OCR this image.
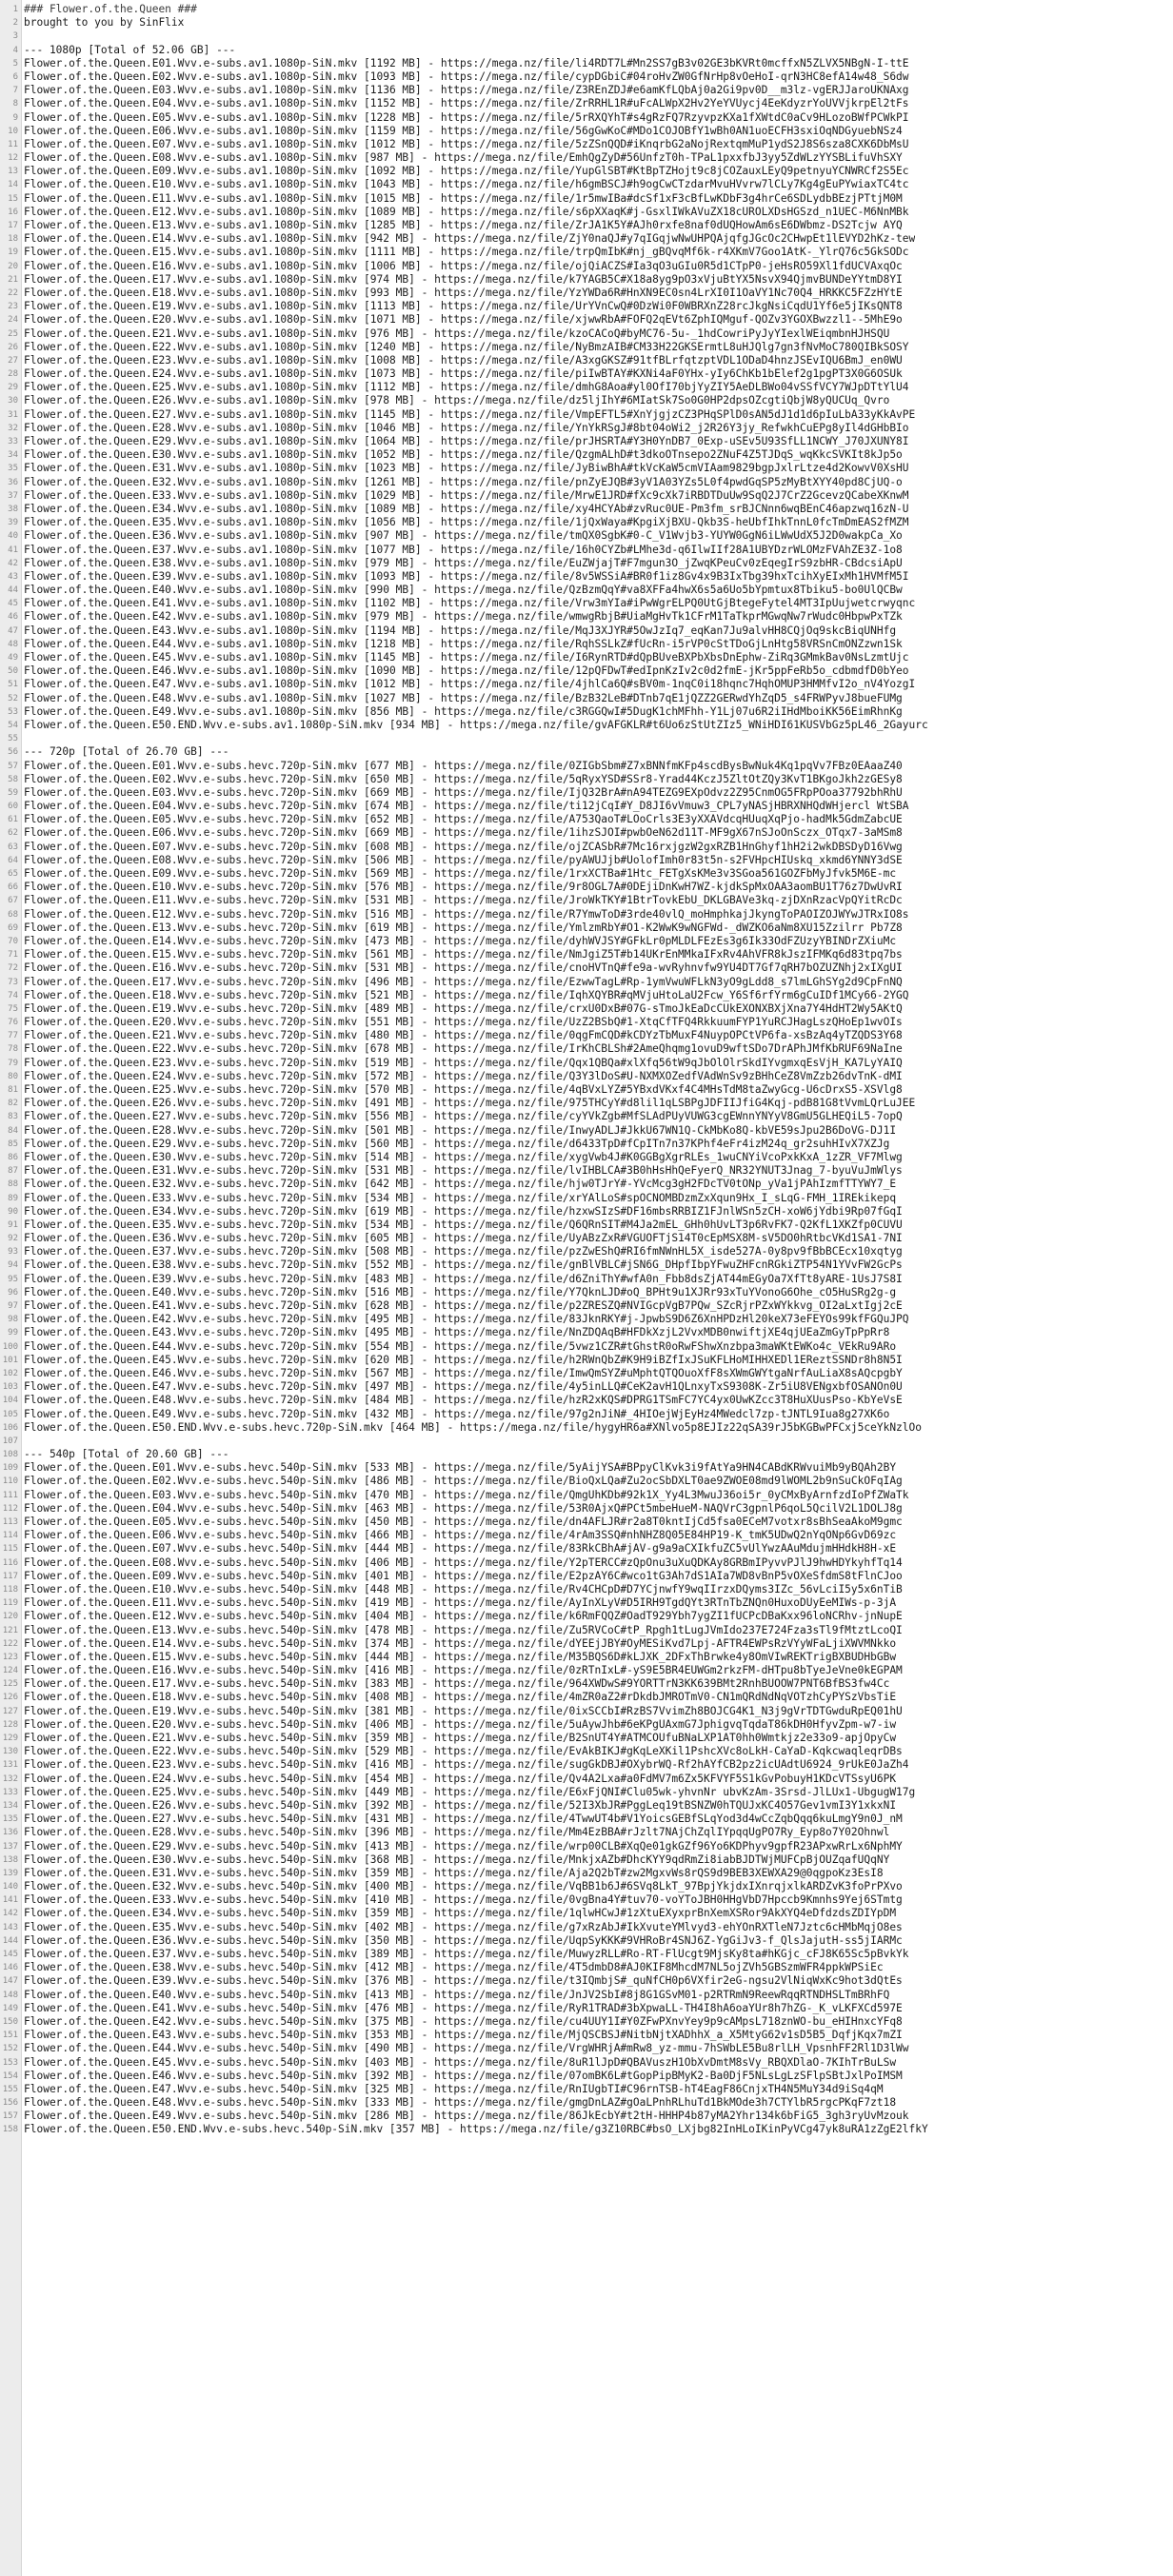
1 ### Flower.of.the.Queen ###
2 brought to you by SinFlix
3
4 --- 1080p [Total of 52.06 GB] ---
5 Flower.of.the.Queen.E01.Wvv.e-subs.av1.1080p-SiN.mkv [1192 MB] - https://mega.nz/file/li4RDT7L#Mn2SS7gB3v02GE3bKVRt0mcffxN5ZLVX5NBgN-I-ttE
6 Flower.of.the.Queen.E02.Wvv.e-subs.av1.1080p-SiN.mkv [1093 MB] - https://mega.nz/file/cypDGbiC#04roHvZW0GfNrHp8vOeHoI-qrN3HC8efA14w48_S6dw
7 Flower.of.the.Queen.E03.Wvv.e-subs.av1.1080p-SiN.mkv [1136 MB] - https://mega.nz/file/Z3REnZDJ#e6amKfLQbAj0a2Gi9pv0D__m3lz-vgERJJaroUKNAxg
8 Flower.of.the.Queen.E04.Wvv.e-subs.av1.1080p-SiN.mkv [1152 MB] - https://mega.nz/file/ZrRRHL1R#uFcALWpX2Hv2YeYVUycj4EeKdyzrYoUVVjkrpEl2tFs
9 Flower.of.the.Queen.E05.Wvv.e-subs.av1.1080p-SiN.mkv [1228 MB] - https://mega.nz/file/5rRXQYhT#s4gRzFQ7RzyvpzKXa1fXWtdC0aCv9HLozoBWfPCWkPI
10 Flower.of.the.Queen.E06.Wvv.e-subs.av1.1080p-SiN.mkv [1159 MB] - https://mega.nz/file/56gGwKoC#MDo1COJOBfY1wBh0AN1uoECFH3sxiOqNDGyuebNSz4
11 Flower.of.the.Queen.E07.Wvv.e-subs.av1.1080p-SiN.mkv [1012 MB] - https://mega.nz/file/5zZSnQQD#iKnqrbG2aNojRextqmMuP1ydS2J8S6sza8CXK6DbMsU
12 Flower.of.the.Queen.E08.Wvv.e-subs.av1.1080p-SiN.mkv [987 MB] - https://mega.nz/file/EmhQgZyD#56UnfzT0h-TPaL1pxxfbJ3yy5ZdWLzYYSBLifuVhSXY
13 Flower.of.the.Queen.E09.Wvv.e-subs.av1.1080p-SiN.mkv [1092 MB] - https://mega.nz/file/YupGlSBT#KtBpTZHojt9c8jCOZauxLEyQ9petnyuYCNWRCf2S5Ec
14 Flower.of.the.Queen.E10.Wvv.e-subs.av1.1080p-SiN.mkv [1043 MB] - https://mega.nz/file/h6gmBSCJ#h9ogCwCTzdarMvuHVvrw7lCLy7Kg4gEuPYwiaxTC4tc
15 Flower.of.the.Queen.E11.Wvv.e-subs.av1.1080p-SiN.mkv [1015 MB] - https://mega.nz/file/1r5mwIBa#dcSf1xF3cBfLwKDbF3g4hrCe6SDLydbBEzjPTtjM0M
16 Flower.of.the.Queen.E12.Wvv.e-subs.av1.1080p-SiN.mkv [1089 MB] - https://mega.nz/file/s6pXXaqK#j-GsxlIWkAVuZX18cUROLXDsHGSzd_n1UEC-M6NnMBk
17 Flower.of.the.Queen.E13.Wvv.e-subs.av1.1080p-SiN.mkv [1285 MB] - https://mega.nz/file/ZrJA1K5Y#AJh0rxfe8naf0dUQHowAm6sE6DWbmz-DS2Tcjw AYQ
18 Flower.of.the.Queen.E14.Wvv.e-subs.av1.1080p-SiN.mkv [942 MB] - https://mega.nz/file/ZjY0naQJ#y7qIGqjwNwUHPQAjqfgJGcOc2CHwpEt1lEVYD2hKz-tew
19 Flower.of.the.Queen.E15.Wvv.e-subs.av1.1080p-SiN.mkv [1111 MB] - https://mega.nz/file/trpQmIbK#nj_gBQvqMf6k-r4XKmV7Goo1AtK-_YlrQ76c5GkSODc
20 Flower.of.the.Queen.E16.Wvv.e-subs.av1.1080p-SiN.mkv [1006 MB] - https://mega.nz/file/ojQiACZS#Ia3qO3uGIu0R5d1CTpP0-jeHsRO59Xl1fdUCVAxqOc
21 Flower.of.the.Queen.E17.Wvv.e-subs.av1.1080p-SiN.mkv [974 MB] - https://mega.nz/file/k7YAGB5C#X18a8yg9pO3xVjuBtYX5NsvX94QjmvBUNDeYYtmD8YI
22 Flower.of.the.Queen.E18.Wvv.e-subs.av1.1080p-SiN.mkv [993 MB] - https://mega.nz/file/YzYWDa6R#HnXN9EC0sn4LrXI0I1OaVY1Nc70Q4_HRKKC5FZzHYtE
23 Flower.of.the.Queen.E19.Wvv.e-subs.av1.1080p-SiN.mkv [1113 MB] - https://mega.nz/file/UrYVnCwQ#0DzWi0F0WBRXnZ28rcJkgNsiCqdU1Yf6e5jIKsQNT8
24 Flower.of.the.Queen.E20.Wvv.e-subs.av1.1080p-SiN.mkv [1071 MB] - https://mega.nz/file/xjwwRbA#FOFQ2qEVt6ZphIQMguf-QOZv3YGOXBwzzl1--5MhE9o
25 Flower.of.the.Queen.E21.Wvv.e-subs.av1.1080p-SiN.mkv [976 MB] - https://mega.nz/file/kzoCACoQ#byMC76-5u-_1hdCowriPyJyYIexlWEiqmbnHJHSQU
26 Flower.of.the.Queen.E22.Wvv.e-subs.av1.1080p-SiN.mkv [1240 MB] - https://mega.nz/file/NyBmzAIB#CM33H22GKSErmtL8uHJQlg7gn3fNvMoC780QIBkSOSY
27 Flower.of.the.Queen.E23.Wvv.e-subs.av1.1080p-SiN.mkv [1008 MB] - https://mega.nz/file/A3xgGKSZ#91tfBLrfqtzptVDL1ODaD4hnzJSEvIQU6BmJ_en0WU
28 Flower.of.the.Queen.E24.Wvv.e-subs.av1.1080p-SiN.mkv [1073 MB] - https://mega.nz/file/piIwBTAY#KXNi4aF0YHx-yIy6ChKb1bElef2g1pgPT3X0G6OSUk
29 Flower.of.the.Queen.E25.Wvv.e-subs.av1.1080p-SiN.mkv [1112 MB] - https://mega.nz/file/dmhG8Aoa#yl0OfI70bjYyZIY5AeDLBWo04vSSfVCY7WJpDTtYlU4
30 Flower.of.the.Queen.E26.Wvv.e-subs.av1.1080p-SiN.mkv [978 MB] - https://mega.nz/file/dz5ljIhY#6MIatSk7So0G0HP2dpsOZcgtiQbjW8yQUCUq_Qvro
31 Flower.of.the.Queen.E27.Wvv.e-subs.av1.1080p-SiN.mkv [1145 MB] - https://mega.nz/file/VmpEFTL5#XnYjgjzCZ3PHqSPlD0sAN5dJ1d1d6pIuLbA33yKkAvPE
32 Flower.of.the.Queen.E28.Wvv.e-subs.av1.1080p-SiN.mkv [1046 MB] - https://mega.nz/file/YnYkRSgJ#8bt04oWi2_j2R26Y3jy_RefwkhCuEPg8yIl4dGHbBIo
33 Flower.of.the.Queen.E29.Wvv.e-subs.av1.1080p-SiN.mkv [1064 MB] - https://mega.nz/file/prJHSRTA#Y3H0YnDB7_0Exp-uSEv5U93SfLL1NCWY_J70JXUNY8I
34 Flower.of.the.Queen.E30.Wvv.e-subs.av1.1080p-SiN.mkv [1052 MB] - https://mega.nz/file/QzgmALhD#t3dkoOTnsepo2ZNuF4Z5TJDqS_wqKkcSVKIt8kJp5o
35 Flower.of.the.Queen.E31.Wvv.e-subs.av1.1080p-SiN.mkv [1023 MB] - https://mega.nz/file/JyBiwBhA#tkVcKaW5cmVIAam9829bgpJxlrLtze4d2KowvV0XsHU
36 Flower.of.the.Queen.E32.Wvv.e-subs.av1.1080p-SiN.mkv [1261 MB] - https://mega.nz/file/pnZyEJQB#3yV1A03YZs5L0f4pwdGqSP5zMyBtXYY40pd8CjUQ-o
37 Flower.of.the.Queen.E33.Wvv.e-subs.av1.1080p-SiN.mkv [1029 MB] - https://mega.nz/file/MrwE1JRD#fXc9cXk7iRBDTDuUw9SqQ2J7CrZ2GcevzQCabeXKnwM
38 Flower.of.the.Queen.E34.Wvv.e-subs.av1.1080p-SiN.mkv [1089 MB] - https://mega.nz/file/xy4HCYAb#zvRuc0UE-Pm3fm_srBJCNnn6wqBEnC46apzwq16zN-U
39 Flower.of.the.Queen.E35.Wvv.e-subs.av1.1080p-SiN.mkv [1056 MB] - https://mega.nz/file/1jQxWaya#KpgiXjBXU-Qkb3S-heUbfIhkTnnL0fcTmDmEAS2fMZM
40 Flower.of.the.Queen.E36.Wvv.e-subs.av1.1080p-SiN.mkv [907 MB] - https://mega.nz/file/tmQX0SgbK#0-C_V1Wvjb3-YUYW0GgN6iLWwUdX5J2D0wakpCa_Xo
41 Flower.of.the.Queen.E37.Wvv.e-subs.av1.1080p-SiN.mkv [1077 MB] - https://mega.nz/file/16h0CYZb#LMhe3d-q6IlwIIf28A1UBYDzrWLOMzFVAhZE3Z-1o8
42 Flower.of.the.Queen.E38.Wvv.e-subs.av1.1080p-SiN.mkv [979 MB] - https://mega.nz/file/EuZWjajT#F7mgun3O_jZwqKPeuCv0zEqegIrS9zbHR-CBdcsiApU
43 Flower.of.the.Queen.E39.Wvv.e-subs.av1.1080p-SiN.mkv [1093 MB] - https://mega.nz/file/8v5WSSiA#BR0f1iz8Gv4x9B3IxTbg39hxTcihXyEIxMh1HVMfM5I
44 Flower.of.the.Queen.E40.Wvv.e-subs.av1.1080p-SiN.mkv [990 MB] - https://mega.nz/file/QzBzmQqY#va8XFFa4hwX6s5a6Uo5bYpmtux8Tbiku5-bo0UlQCBw
45 Flower.of.the.Queen.E41.Wvv.e-subs.av1.1080p-SiN.mkv [1102 MB] - https://mega.nz/file/Vrw3mYIa#iPwWgrELPQ0UtGjBtegeFytel4MT3IpUujwetcrwyqnc
46 Flower.of.the.Queen.E42.Wvv.e-subs.av1.1080p-SiN.mkv [979 MB] - https://mega.nz/file/wmwgRbjB#UiaMgHvTk1CFrM1TaTkprMGwqNw7rWudc0HbpwPxTZk
47 Flower.of.the.Queen.E43.Wvv.e-subs.av1.1080p-SiN.mkv [1194 MB] - https://mega.nz/file/MqJ3XJYR#5OwJzIq7_eqKan7Ju9alvHH8CQjOq9skcBiqUNHfg
48 Flower.of.the.Queen.E44.Wvv.e-subs.av1.1080p-SiN.mkv [1218 MB] - https://mega.nz/file/RqhSSLkZ#fUcRn-i5rVP0cStTDoGjLnHtg58VRSnCmONZzwn1Sk
49 Flower.of.the.Queen.E45.Wvv.e-subs.av1.1080p-SiN.mkv [1145 MB] - https://mega.nz/file/I6RynRTD#dQpBUveBXPbXbsDnEphw-ZiRq3GMmkBav0NsLzmtUjc
50 Flower.of.the.Queen.E46.Wvv.e-subs.av1.1080p-SiN.mkv [1090 MB] - https://mega.nz/file/12pQFDwT#edIpnKzIv2c0d2fmE-jKr5ppFeRb5o_cdbmdfD0bYeo
51 Flower.of.the.Queen.E47.Wvv.e-subs.av1.1080p-SiN.mkv [1012 MB] - https://mega.nz/file/4jhlCa6Q#sBV0m-1nqC0i18hqnc7HqhOMUP3HMMfvI2o_nV4YozgI
52 Flower.of.the.Queen.E48.Wvv.e-subs.av1.1080p-SiN.mkv [1027 MB] - https://mega.nz/file/BzB32LeB#DTnb7qE1jQZZ2GERwdYhZqD5_s4FRWPyvJ8bueFUMg
53 Flower.of.the.Queen.E49.Wvv.e-subs.av1.1080p-SiN.mkv [856 MB] - https://mega.nz/file/c3RGGQwI#5DugK1chMFhh-Y1Lj07u6R2iIHdMboiKK56EimRhnKg
54 Flower.of.the.Queen.E50.END.Wvv.e-subs.av1.1080p-SiN.mkv [934 MB] - https://mega.nz/file/gvAFGKLR#t6Uo6zStUtZIz5_WNiHDI61KUSVbGz5pL46_2Gayurc
55
56 --- 720p [Total of 26.70 GB] ---
57 Flower.of.the.Queen.E01.Wvv.e-subs.hevc.720p-SiN.mkv [677 MB] - https://mega.nz/file/0ZIGbSbm#Z7xBNNfmKFp4scdBysBwNuk4Kq1pqVv7FBz0EAaaZ40
58 Flower.of.the.Queen.E02.Wvv.e-subs.hevc.720p-SiN.mkv [650 MB] - https://mega.nz/file/5qRyxYSD#SSr8-Yrad44KczJ5ZltOtZQy3KvT1BKgoJkh2zGESy8
59 Flower.of.the.Queen.E03.Wvv.e-subs.hevc.720p-SiN.mkv [669 MB] - https://mega.nz/file/IjQ32BrA#nA94TEZG9EXpOdvz2Z95CnmOG5FRpPOoa37792bhRhU
60 Flower.of.the.Queen.E04.Wvv.e-subs.hevc.720p-SiN.mkv [674 MB] - https://mega.nz/file/ti12jCqI#Y_D8JI6vVmuw3_CPL7yNASjHBRXNHQdWHjercl WtSBA
61 Flower.of.the.Queen.E05.Wvv.e-subs.hevc.720p-SiN.mkv [652 MB] - https://mega.nz/file/A753QaoT#LOoCrls3E3yXXAVdcqHUuqXqPjo-hadMk5GdmZabcUE
62 Flower.of.the.Queen.E06.Wvv.e-subs.hevc.720p-SiN.mkv [669 MB] - https://mega.nz/file/1ihzSJOI#pwbOeN62d11T-MF9gX67nSJoOnSczx_OTqx7-3aMSm8
63 Flower.of.the.Queen.E07.Wvv.e-subs.hevc.720p-SiN.mkv [608 MB] - https://mega.nz/file/ojZCASbR#7Mc16rxjgzW2gxRZB1HnGhyf1hH2i2wkDBSDyD16Vwg
64 Flower.of.the.Queen.E08.Wvv.e-subs.hevc.720p-SiN.mkv [506 MB] - https://mega.nz/file/pyAWUJjb#UolofImh0r83t5n-s2FVHpcHIUskq_xkmd6YNNY3dSE
65 Flower.of.the.Queen.E09.Wvv.e-subs.hevc.720p-SiN.mkv [569 MB] - https://mega.nz/file/1rxXCTBa#1Htc_FETgXsKMe3v3SGoa561GOZFbMyJfvk5M6E-mc
66 Flower.of.the.Queen.E10.Wvv.e-subs.hevc.720p-SiN.mkv [576 MB] - https://mega.nz/file/9r8OGL7A#0DEjiDnKwH7WZ-kjdkSpMxOAA3aomBU1T76z7DwUvRI
67 Flower.of.the.Queen.E11.Wvv.e-subs.hevc.720p-SiN.mkv [531 MB] - https://mega.nz/file/JroWkTKY#1BtrTovkEbU_DKLGBAVe3kq-zjDXnRzacVpQYitRcDc
68 Flower.of.the.Queen.E12.Wvv.e-subs.hevc.720p-SiN.mkv [516 MB] - https://mega.nz/file/R7YmwToD#3rde40vlQ_moHmphkajJkyngToPAOIZOJWYwJTRxIO8s
69 Flower.of.the.Queen.E13.Wvv.e-subs.hevc.720p-SiN.mkv [619 MB] - https://mega.nz/file/YmlzmRbY#O1-K2WwK9wNGFWd-_dWZKO6aNm8XU15Zzilrr Pb7Z8
70 Flower.of.the.Queen.E14.Wvv.e-subs.hevc.720p-SiN.mkv [473 MB] - https://mega.nz/file/dyhWVJSY#GFkLr0pMLDLFEzEs3g6Ik33OdFZUzyYBINDrZXiuMc
71 Flower.of.the.Queen.E15.Wvv.e-subs.hevc.720p-SiN.mkv [561 MB] - https://mega.nz/file/NmJgiZ5T#b14UKrEnMMkaIFxRv4AhVFR8kJszIFMKq6d83tpq7bs
72 Flower.of.the.Queen.E16.Wvv.e-subs.hevc.720p-SiN.mkv [531 MB] - https://mega.nz/file/cnoHVTnQ#fe9a-wvRyhnvfw9YU4DT7Gf7qRH7bOZUZNhj2xIXgUI
73 Flower.of.the.Queen.E17.Wvv.e-subs.hevc.720p-SiN.mkv [496 MB] - https://mega.nz/file/EzwwTagL#Rp-1ymVwuWFLkN3yO9gLdd8_s7lmLGhSYg2d9CpFnNQ
74 Flower.of.the.Queen.E18.Wvv.e-subs.hevc.720p-SiN.mkv [521 MB] - https://mega.nz/file/IqhXQYBR#qMVjuHtoLaU2Fcw_Y6Sf6rfYrm6gCuIDf1MCy66-2YGQ
75 Flower.of.the.Queen.E19.Wvv.e-subs.hevc.720p-SiN.mkv [489 MB] - https://mega.nz/file/crxU0DxB#07G-sTmoJkEaDcCUkEXONXBXjXna7Y4HdHT2Wy5AKtQ
76 Flower.of.the.Queen.E20.Wvv.e-subs.hevc.720p-SiN.mkv [551 MB] - https://mega.nz/file/UzZ2BSbQ#1-XtqCfTFQ4RkkuumFYP1YuRCJHagLszQHoEp1wvOIs
77 Flower.of.the.Queen.E21.Wvv.e-subs.hevc.720p-SiN.mkv [480 MB] - https://mega.nz/file/0qgFmCQD#kCDYzTbMuxF4NuypOPCtVP6fa-xsBzAq4yTZQDS3Y68
78 Flower.of.the.Queen.E22.Wvv.e-subs.hevc.720p-SiN.mkv [678 MB] - https://mega.nz/file/IrKhCBLSh#2AmeQhqmg1ovuD9wftSDo7DrAPhJMfKbRUF69NaIne
79 Flower.of.the.Queen.E23.Wvv.e-subs.hevc.720p-SiN.mkv [519 MB] - https://mega.nz/file/Qqx1QBQa#xlXfq56tW9qJbOlOlrSkdIYvgmxqEsVjH_KA7LyYAIQ
80 Flower.of.the.Queen.E24.Wvv.e-subs.hevc.720p-SiN.mkv [572 MB] - https://mega.nz/file/Q3Y3lDoS#U-NXMXOZedfVAdWnSv9zBHhCeZ8VmZzb26dvTnK-dMI
81 Flower.of.the.Queen.E25.Wvv.e-subs.hevc.720p-SiN.mkv [570 MB] - https://mega.nz/file/4qBVxLYZ#5YBxdVKxf4C4MHsTdM8taZwyGcg-U6cDrxS5-XSVlg8
82 Flower.of.the.Queen.E26.Wvv.e-subs.hevc.720p-SiN.mkv [491 MB] - https://mega.nz/file/975THCyY#d8lil1qLSBPgJDFIIJfiG4Kqj-pdB81G8tVvmLQrLuJEE
83 Flower.of.the.Queen.E27.Wvv.e-subs.hevc.720p-SiN.mkv [556 MB] - https://mega.nz/file/cyYVkZgb#MfSLAdPUyVUWG3cgEWnnYNYyV8GmU5GLHEQiL5-7opQ
84 Flower.of.the.Queen.E28.Wvv.e-subs.hevc.720p-SiN.mkv [501 MB] - https://mega.nz/file/InwyADLJ#JkkU67WN1Q-CkMbKo8Q-kbVE59sJpu2B6DoVG-DJ1I
85 Flower.of.the.Queen.E29.Wvv.e-subs.hevc.720p-SiN.mkv [560 MB] - https://mega.nz/file/d6433TpD#fCpITn7n37KPhf4eFr4izM24q_gr2suhHIvX7XZJg
86 Flower.of.the.Queen.E30.Wvv.e-subs.hevc.720p-SiN.mkv [514 MB] - https://mega.nz/file/xygVwb4J#K0GGBgXgrRLEs_1wuCNYiVcoPxkKxA_1zZR_VF7Mlwg
87 Flower.of.the.Queen.E31.Wvv.e-subs.hevc.720p-SiN.mkv [531 MB] - https://mega.nz/file/lvIHBLCA#3B0hHsHhQeFyerQ_NR32YNUT3Jnag_7-byuVuJmWlys
88 Flower.of.the.Queen.E32.Wvv.e-subs.hevc.720p-SiN.mkv [642 MB] - https://mega.nz/file/hjw0TJrY#-YVcMcg3gH2FDcTV0tONp_yVa1jPAhIzmfTTYWY7_E
89 Flower.of.the.Queen.E33.Wvv.e-subs.hevc.720p-SiN.mkv [534 MB] - https://mega.nz/file/xrYAlLoS#spOCNOMBDzmZxXqun9Hx_I_sLqG-FMH_1IREkikepq
90 Flower.of.the.Queen.E34.Wvv.e-subs.hevc.720p-SiN.mkv [619 MB] - https://mega.nz/file/hzxwSIzS#DF16mbsRRBIZ1FJnlWSn5zCH-xoW6jYdbi9Rp07fGqI
91 Flower.of.the.Queen.E35.Wvv.e-subs.hevc.720p-SiN.mkv [534 MB] - https://mega.nz/file/Q6QRnSIT#M4Ja2mEL_GHh0hUvLT3p6RvFK7-Q2KfL1XKZfp0CUVU
92 Flower.of.the.Queen.E36.Wvv.e-subs.hevc.720p-SiN.mkv [605 MB] - https://mega.nz/file/UyABzZxR#VGUOFTjS14T0cEpMSX8M-sV5DO0hRtbcVKd1SA1-7NI
93 Flower.of.the.Queen.E37.Wvv.e-subs.hevc.720p-SiN.mkv [508 MB] - https://mega.nz/file/pzZwEShQ#RI6fmNWnHL5X_isde527A-0y8pv9fBbBCEcx10xqtyg
94 Flower.of.the.Queen.E38.Wvv.e-subs.hevc.720p-SiN.mkv [552 MB] - https://mega.nz/file/gnBlVBLC#jSN6G_DHpfIbpYFwuZHFcnRGkiZTP54N1YVvFW2GcPs
95 Flower.of.the.Queen.E39.Wvv.e-subs.hevc.720p-SiN.mkv [483 MB] - https://mega.nz/file/d6ZniThY#wfA0n_Fbb8dsZjAT44mEGyOa7XfTt8yARE-1UsJ7S8I
96 Flower.of.the.Queen.E40.Wvv.e-subs.hevc.720p-SiN.mkv [516 MB] - https://mega.nz/file/Y7QknLJD#oQ_BPHt9u1XJRr93xTuYVonoG6Ohe_cO5HuSRg2g-g
97 Flower.of.the.Queen.E41.Wvv.e-subs.hevc.720p-SiN.mkv [628 MB] - https://mega.nz/file/p2ZRESZQ#NVIGcpVgB7PQw_SZcRjrPZxWYkkvg_OI2aLxtIgj2cE
98 Flower.of.the.Queen.E42.Wvv.e-subs.hevc.720p-SiN.mkv [495 MB] - https://mega.nz/file/83JknRKY#j-JpwbS9D6Z6XnHPDzHl20keX73eFEYOs99kfFGQuJPQ
99 Flower.of.the.Queen.E43.Wvv.e-subs.hevc.720p-SiN.mkv [495 MB] - https://mega.nz/file/NnZDQAqB#HFDkXzjL2VvxMDB0nwiftjXE4qjUEaZmGyTpPpRr8
100 Flower.of.the.Queen.E44.Wvv.e-subs.hevc.720p-SiN.mkv [554 MB] - https://mega.nz/file/5vwz1CZR#tGhstR0oRwFShwXnzbpa3maWKtEWKo4c_VEkRu9ARo
101 Flower.of.the.Queen.E45.Wvv.e-subs.hevc.720p-SiN.mkv [620 MB] - https://mega.nz/file/h2RWnQbZ#K9H9iBZfIxJSuKFLHoMIHHXEDl1EReztSSNDr8h8N5I
102 Flower.of.the.Queen.E46.Wvv.e-subs.hevc.720p-SiN.mkv [567 MB] - https://mega.nz/file/ImwQmSYZ#uMphtQTQOuoXfF8sXWmGWYtgaNrfAuLiaX8sAQcpgbY
103 Flower.of.the.Queen.E47.Wvv.e-subs.hevc.720p-SiN.mkv [497 MB] - https://mega.nz/file/4y5inLLQ#CeK2avH1QLnxyTxS9308K-Zr5iU8VENgxbfOSANOn0U
104 Flower.of.the.Queen.E48.Wvv.e-subs.hevc.720p-SiN.mkv [484 MB] - https://mega.nz/file/hzR2xKQS#DPRG1TSmFC7YC4yx0UwKZcc3T8HuXUusPso-KbYeVsE
105 Flower.of.the.Queen.E49.Wvv.e-subs.hevc.720p-SiN.mkv [432 MB] - https://mega.nz/file/97g2nJiN#_4HIOejWjEyHz4MWedcl7zp-tJNTL9Iua8g27XK6o
106 Flower.of.the.Queen.E50.END.Wvv.e-subs.hevc.720p-SiN.mkv [464 MB] - https://mega.nz/file/hygyHR6a#XNlvo5p8EJIz22qSA39rJ5bKGBwPFCxj5ceYkNzlOo
107
108 --- 540p [Total of 20.60 GB] ---
109 Flower.of.the.Queen.E01.Wvv.e-subs.hevc.540p-SiN.mkv [533 MB] - https://mega.nz/file/5yAijYSA#BPpyClKvk3i9fAtYa9HN4CABdKRWvuiMb9yBQAh2BY
110 Flower.of.the.Queen.E02.Wvv.e-subs.hevc.540p-SiN.mkv [486 MB] - https://mega.nz/file/BioQxLQa#Zu2ocSbDXLT0ae9ZWOE08md9lWOML2b9nSuCkOFqIAg
111 Flower.of.the.Queen.E03.Wvv.e-subs.hevc.540p-SiN.mkv [470 MB] - https://mega.nz/file/QmgUhKDb#92k1X_Yy4L3MwuJ36oi5r_0yCMxByArnfzdIoPfZWaTk
112 Flower.of.the.Queen.E04.Wvv.e-subs.hevc.540p-SiN.mkv [463 MB] - https://mega.nz/file/53R0AjxQ#PCt5mbeHueM-NAQVrC3gpnlP6qoL5QcilV2L1DOLJ8g
113 Flower.of.the.Queen.E05.Wvv.e-subs.hevc.540p-SiN.mkv [450 MB] - https://mega.nz/file/dn4AFLJR#r2a8T0kntIjCd5fsa0ECeM7votxr8sBhSeaAkoM9gmc
114 Flower.of.the.Queen.E06.Wvv.e-subs.hevc.540p-SiN.mkv [466 MB] - https://mega.nz/file/4rAm3SSQ#nhNHZ8Q05E84HP19-K_tmK5UDwQ2nYqONp6GvD69zc
115 Flower.of.the.Queen.E07.Wvv.e-subs.hevc.540p-SiN.mkv [444 MB] - https://mega.nz/file/83RkCBhA#jAV-g9a9aCXIkfuZC5vUlYwzAAuMdujmHHdkH8H-xE
116 Flower.of.the.Queen.E08.Wvv.e-subs.hevc.540p-SiN.mkv [406 MB] - https://mega.nz/file/Y2pTERCC#zQpOnu3uXuQDKAy8GRBmIPyvvPJlJ9hwHDYkyhfTq14
117 Flower.of.the.Queen.E09.Wvv.e-subs.hevc.540p-SiN.mkv [401 MB] - https://mega.nz/file/E2pzAY6C#wco1tG3Ah7dS1AIa7WD8vBnP5vOXeSfdmS8tFlnCJoo
118 Flower.of.the.Queen.E10.Wvv.e-subs.hevc.540p-SiN.mkv [448 MB] - https://mega.nz/file/Rv4CHCpD#D7YCjnwfY9wqIIrzxDQyms3IZc_56vLciI5y5x6nTiB
119 Flower.of.the.Queen.E11.Wvv.e-subs.hevc.540p-SiN.mkv [419 MB] - https://mega.nz/file/AyInXLyV#D5IRH9TgdQYt3RTnTbZNQn0HuxoDUyEeMIWs-p-3jA
120 Flower.of.the.Queen.E12.Wvv.e-subs.hevc.540p-SiN.mkv [404 MB] - https://mega.nz/file/k6RmFQQZ#OadT929Ybh7ygZI1fUCPcDBaKxx96loNCRhv-jnNupE
121 Flower.of.the.Queen.E13.Wvv.e-subs.hevc.540p-SiN.mkv [478 MB] - https://mega.nz/file/Zu5RVCoC#tP_Rpgh1tLugJVmIdo237E724Fza3sTl9fMtztLcoQI
122 Flower.of.the.Queen.E14.Wvv.e-subs.hevc.540p-SiN.mkv [374 MB] - https://mega.nz/file/dYEEjJBY#OyMESiKvd7Lpj-AFTR4EWPsRzVYyWFaLjiXWVMNkko
123 Flower.of.the.Queen.E15.Wvv.e-subs.hevc.540p-SiN.mkv [444 MB] - https://mega.nz/file/M35BQS6D#kLJXK_2DFxThBrwke4y8OmVIwREKTrigBXBUDHbGBw
124 Flower.of.the.Queen.E16.Wvv.e-subs.hevc.540p-SiN.mkv [416 MB] - https://mega.nz/file/0zRTnIxL#-yS9E5BR4EUWGm2rkzFM-dHTpu8bTyeJeVne0kEGPAM
125 Flower.of.the.Queen.E17.Wvv.e-subs.hevc.540p-SiN.mkv [383 MB] - https://mega.nz/file/964XWDwS#9YORTTrN3KK639BMt2RnhBUOOW7PNT6BfBS3fw4Cc
126 Flower.of.the.Queen.E18.Wvv.e-subs.hevc.540p-SiN.mkv [408 MB] - https://mega.nz/file/4mZR0aZ2#rDkdbJMROTmV0-CN1mQRdNdNqVOTzhCyPYSzVbsTiE
127 Flower.of.the.Queen.E19.Wvv.e-subs.hevc.540p-SiN.mkv [381 MB] - https://mega.nz/file/0ixSCCbI#RzBS7VvimZh8BOJCG4K1_N3j9gVrTDTGwduRpEQ01hU
128 Flower.of.the.Queen.E20.Wvv.e-subs.hevc.540p-SiN.mkv [406 MB] - https://mega.nz/file/5uAywJhb#6eKPgUAxmG7JphigvqTqdaT86kDH0HfyvZpm-w7-iw
129 Flower.of.the.Queen.E21.Wvv.e-subs.hevc.540p-SiN.mkv [359 MB] - https://mega.nz/file/B2SnUT4Y#ATMCOUfuBNaLXP1AT0hh0Wmtkjz2e33o9-apjOpyCw
130 Flower.of.the.Queen.E22.Wvv.e-subs.hevc.540p-SiN.mkv [529 MB] - https://mega.nz/file/EvAkBIKJ#gKqLeXKil1PshcXVc8oLkH-CaYaD-KqkcwaqleqrDBs
131 Flower.of.the.Queen.E23.Wvv.e-subs.hevc.540p-SiN.mkv [416 MB] - https://mega.nz/file/sugGkDBJ#OXybrWQ-Rf2hAYfCB2pz2icUAdtU6924_9rUkE0JaZh4
132 Flower.of.the.Queen.E24.Wvv.e-subs.hevc.540p-SiN.mkv [454 MB] - https://mega.nz/file/Qv4A2Lxa#a0FdMV7m6Zx5KFVYF5S1kGvPobuyH1KDcVTSsyU6PK
133 Flower.of.the.Queen.E25.Wvv.e-subs.hevc.540p-SiN.mkv [449 MB] - https://mega.nz/file/E6xFjQNI#Clu05wk-yhvnNr ubvKzAm-3Srsd-JlLUx1-UbgugW17g
134 Flower.of.the.Queen.E26.Wvv.e-subs.hevc.540p-SiN.mkv [392 MB] - https://mega.nz/file/52I3XbJR#PggLeq19tBSNZW0hTQUJxKC4O57Gev1vmI3Y1xkxNI
135 Flower.of.the.Queen.E27.Wvv.e-subs.hevc.540p-SiN.mkv [431 MB] - https://mega.nz/file/4TwwUT4b#V1YoicsGEBfSLqYod3d4wCcZqbQqq6kuLmgY9n0J_nM
136 Flower.of.the.Queen.E28.Wvv.e-subs.hevc.540p-SiN.mkv [396 MB] - https://mega.nz/file/Mm4EzBBA#rJzlt7NAjChZqlIYpqqUgPO7Ry_Eyp8o7Y02Ohnwl
137 Flower.of.the.Queen.E29.Wvv.e-subs.hevc.540p-SiN.mkv [413 MB] - https://mega.nz/file/wrp00CLB#XqQe01gkGZf96Yo6KDPhyv9gpfR23APxwRrLx6NphMY
138 Flower.of.the.Queen.E30.Wvv.e-subs.hevc.540p-SiN.mkv [368 MB] - https://mega.nz/file/MnkjxAZb#DhcKYY9qdRmZi8iabBJDTWjMUFCpBjOUZqafUQqNY
139 Flower.of.the.Queen.E31.Wvv.e-subs.hevc.540p-SiN.mkv [359 MB] - https://mega.nz/file/Aja2Q2bT#zw2MgxvWs8rQS9d9BEB3XEWXA29@0qgpoKz3EsI8
140 Flower.of.the.Queen.E32.Wvv.e-subs.hevc.540p-SiN.mkv [400 MB] - https://mega.nz/file/VqBB1b6J#6SVq8LkT_97BpjYkjdxIXnrqjxlkARDZvK3foPrPXvo
141 Flower.of.the.Queen.E33.Wvv.e-subs.hevc.540p-SiN.mkv [410 MB] - https://mega.nz/file/0vgBna4Y#tuv70-voYToJBH0HHgVbD7Hpccb9Kmnhs9Yej6STmtg
142 Flower.of.the.Queen.E34.Wvv.e-subs.hevc.540p-SiN.mkv [359 MB] - https://mega.nz/file/1qlwHCwJ#1zXtuEXyxprBnXemXSRor9AkXYQ4eDfdzdsZDIYpDM
143 Flower.of.the.Queen.E35.Wvv.e-subs.hevc.540p-SiN.mkv [402 MB] - https://mega.nz/file/g7xRzAbJ#IkXvuteYMlvyd3-ehYOnRXTleN7Jztc6cHMbMqjO8es
144 Flower.of.the.Queen.E36.Wvv.e-subs.hevc.540p-SiN.mkv [350 MB] - https://mega.nz/file/UqpSyKKK#9VHRoBr4SNJ6Z-YgGiJv3-f_QlsJajutH-ss5jIARMc
145 Flower.of.the.Queen.E37.Wvv.e-subs.hevc.540p-SiN.mkv [389 MB] - https://mega.nz/file/MuwyzRLL#Ro-RT-FlUcgt9MjsKy8ta#hKGjc_cFJ8K65Sc5pBvkYk
146 Flower.of.the.Queen.E38.Wvv.e-subs.hevc.540p-SiN.mkv [412 MB] - https://mega.nz/file/4T5dmbD8#AJ0KIF8MhcdM7NL5ojZVh5GBSzmWFR4ppkWPSiEc
147 Flower.of.the.Queen.E39.Wvv.e-subs.hevc.540p-SiN.mkv [376 MB] - https://mega.nz/file/t3IQmbjS#_quNfCH0p6VXfir2eG-ngsu2VlNiqWxKc9hot3dQtEs
148 Flower.of.the.Queen.E40.Wvv.e-subs.hevc.540p-SiN.mkv [413 MB] - https://mega.nz/file/JnJV2SbI#8j8G1GSvM01-p2RTRmN9ReewRqqRTNDHSLTmBRhFQ
149 Flower.of.the.Queen.E41.Wvv.e-subs.hevc.540p-SiN.mkv [476 MB] - https://mega.nz/file/RyR1TRAD#3bXpwaLL-TH4I8hA6oaYUr8h7hZG-_K_vLKFXCd597E
150 Flower.of.the.Queen.E42.Wvv.e-subs.hevc.540p-SiN.mkv [375 MB] - https://mega.nz/file/cu4UUY1I#Y0ZFwPXnvYey9p9cAMpsL718znWO-bu_eHIHnxcYFq8
151 Flower.of.the.Queen.E43.Wvv.e-subs.hevc.540p-SiN.mkv [353 MB] - https://mega.nz/file/MjQSCBSJ#NitbNjtXADhhX_a_X5MtyG62v1sD5B5_DqfjKqx7mZI
152 Flower.of.the.Queen.E44.Wvv.e-subs.hevc.540p-SiN.mkv [490 MB] - https://mega.nz/file/VrgWHRjA#mRw8_yz-mmu-7hSWbLE5Bu8rlLH_VpsnhFF2Rl1D3lWw
153 Flower.of.the.Queen.E45.Wvv.e-subs.hevc.540p-SiN.mkv [403 MB] - https://mega.nz/file/8uR1lJpD#QBAVuszH1ObXvDmtM8sVy_RBQXDlaO-7KIhTrBuLSw
154 Flower.of.the.Queen.E46.Wvv.e-subs.hevc.540p-SiN.mkv [392 MB] - https://mega.nz/file/07omBK6L#tGopPipBMyK2-Ba0DjF5NLsLgLzSFlpSBtJxlPoIMSM
155 Flower.of.the.Queen.E47.Wvv.e-subs.hevc.540p-SiN.mkv [325 MB] - https://mega.nz/file/RnIUgbTI#C96rnTSB-hT4EagF86CnjxTH4N5MuY34d9iSq4qM
156 Flower.of.the.Queen.E48.Wvv.e-subs.hevc.540p-SiN.mkv [333 MB] - https://mega.nz/file/gmgDnLAZ#gOaLPnhRLhuTd1BkMOde3h7CTYlbR5rgcPKqF7zt18
157 Flower.of.the.Queen.E49.Wvv.e-subs.hevc.540p-SiN.mkv [286 MB] - https://mega.nz/file/86JkEcbY#t2tH-HHHP4b87yMA2Yhr134k6bFiG5_3gh3ryUvMzouk
158 Flower.of.the.Queen.E50.END.Wvv.e-subs.hevc.540p-SiN.mkv [357 MB] - https://mega.nz/file/g3Z10RBC#bsO_LXjbg82InHLoIKinPyVCg47yk8uRA1zZgE2lfkY
